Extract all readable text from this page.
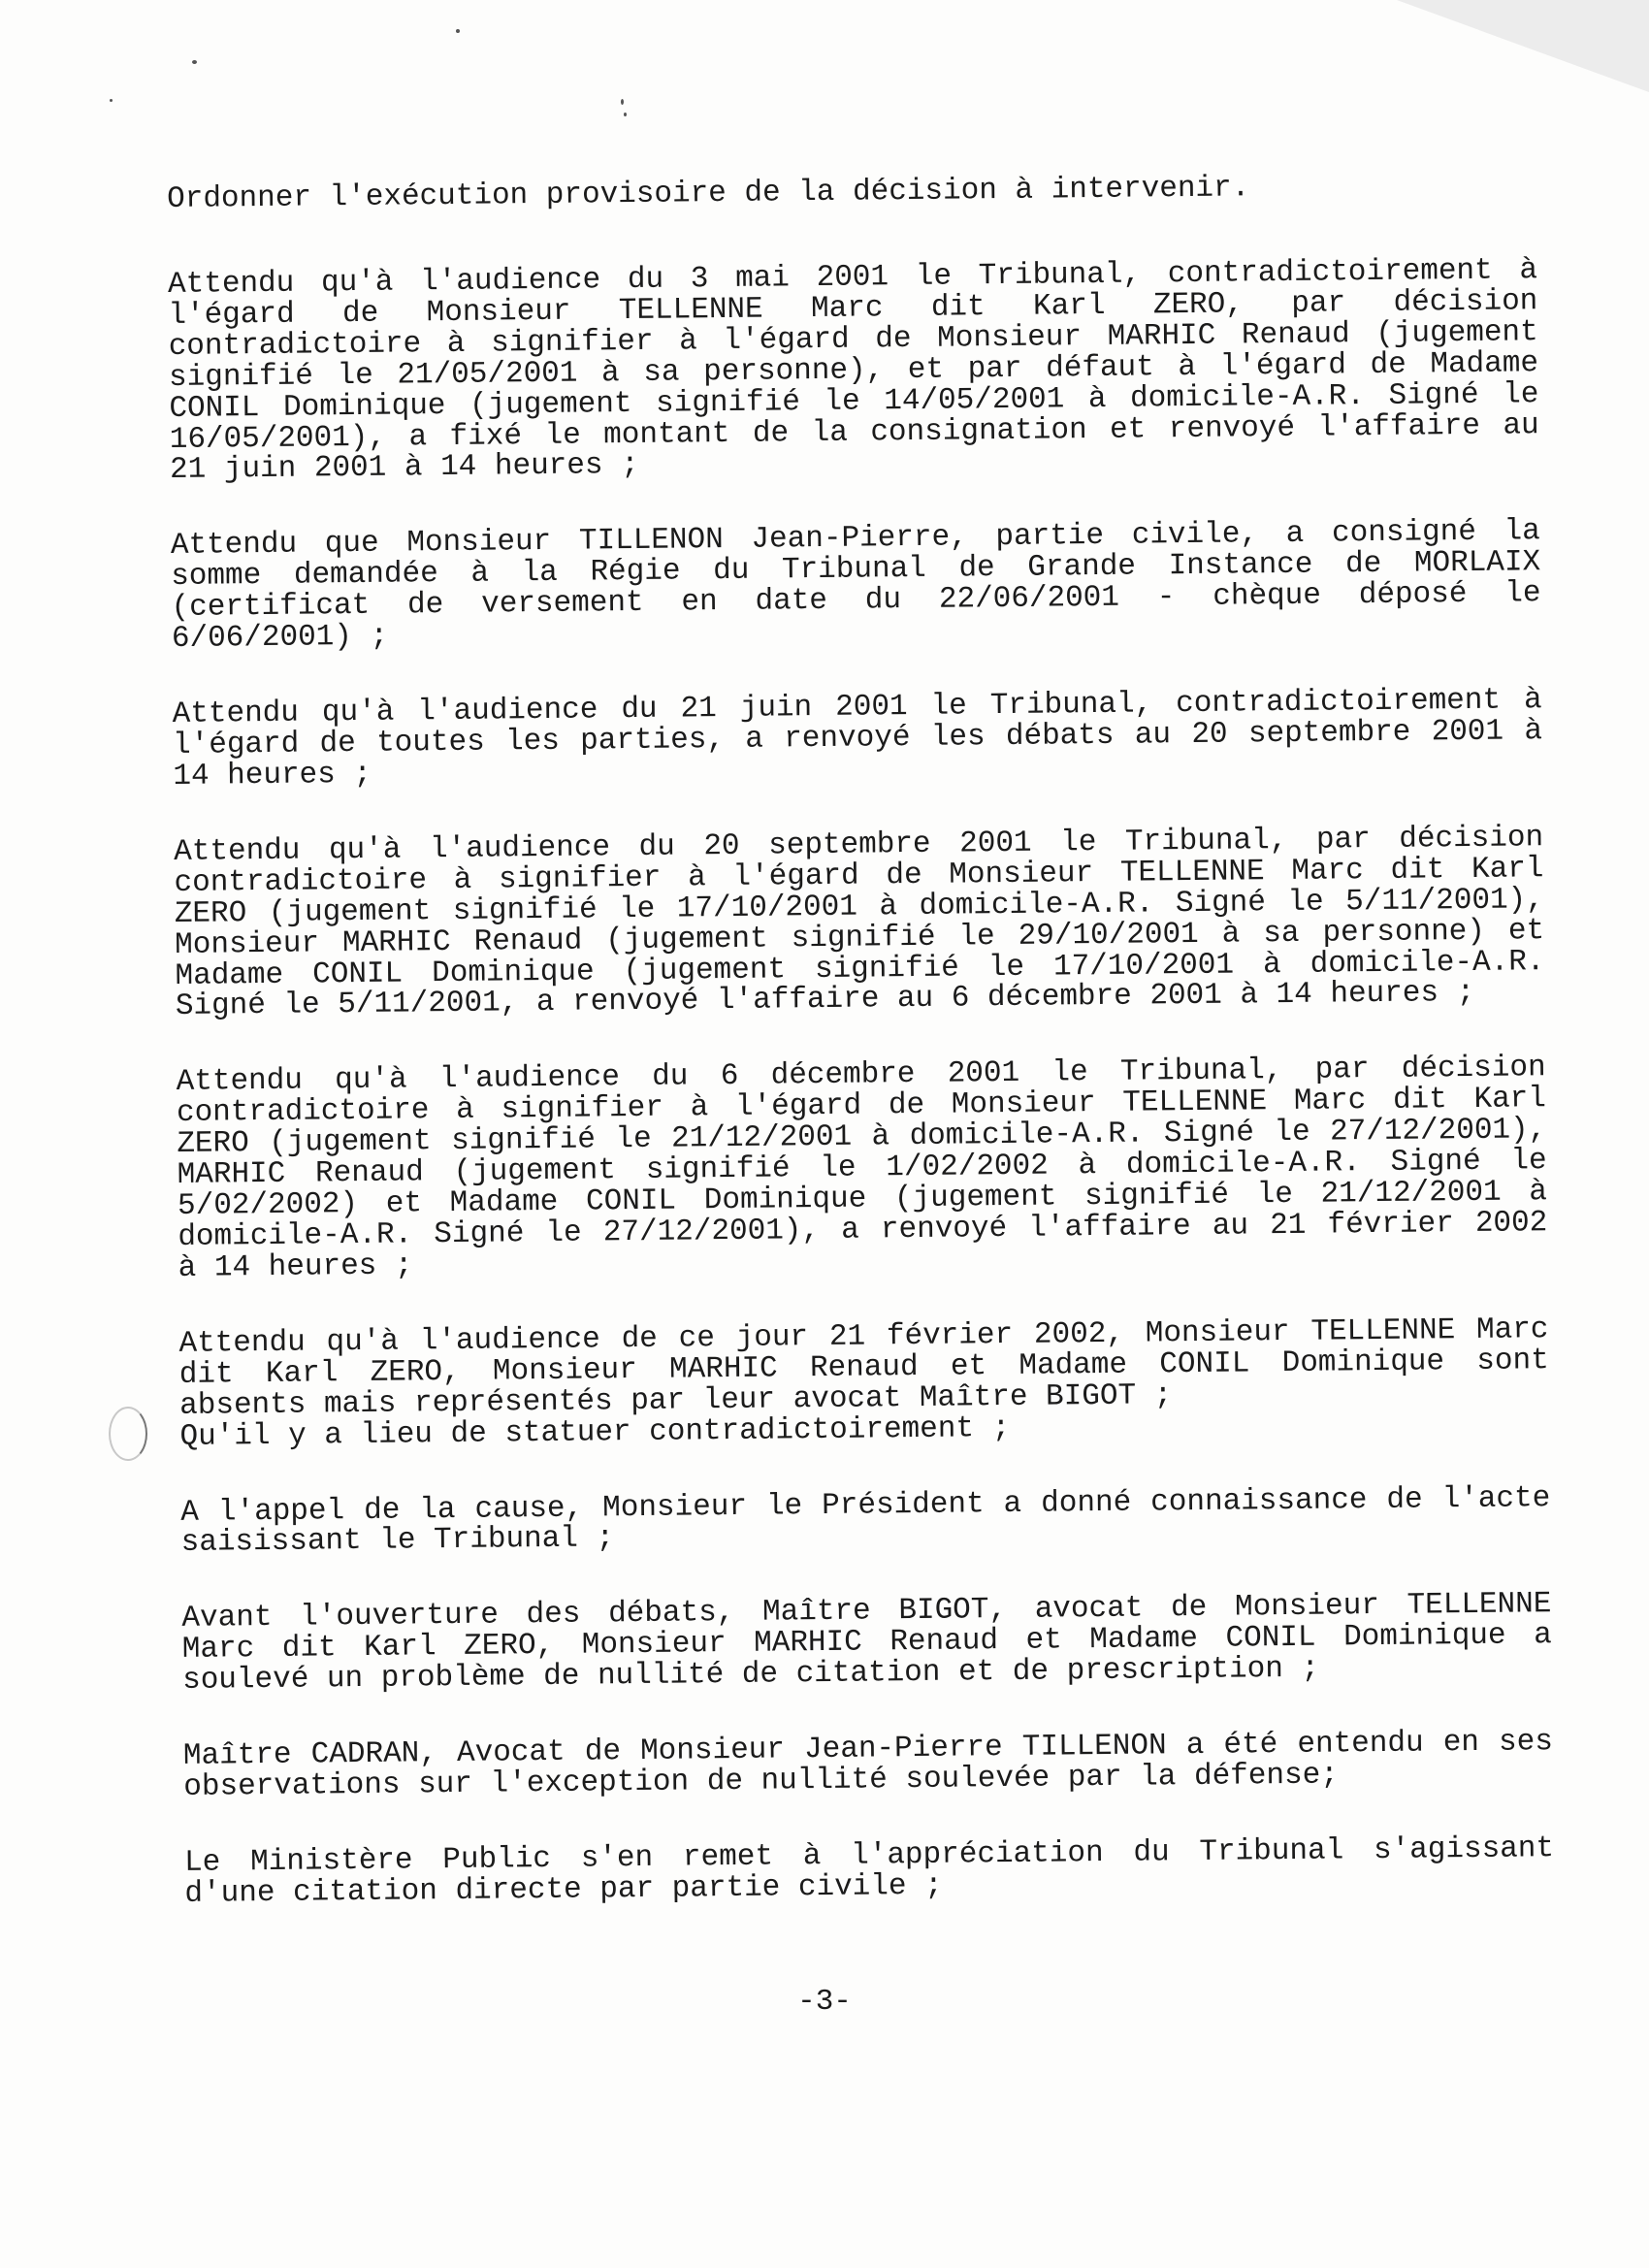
Ordonner l'exécution provisoire de la décision à intervenir.

Attendu qu'à l'audience du 3 mai 2001 le Tribunal, contradictoirement à l'égard de Monsieur TELLENNE Marc dit Karl ZERO, par décision contradictoire à signifier à l'égard de Monsieur MARHIC Renaud (jugement signifié le 21/05/2001 à sa personne), et par défaut à l'égard de Madame CONIL Dominique (jugement signifié le 14/05/2001 à domicile-A.R. Signé le 16/05/2001), a fixé le montant de la consignation et renvoyé l'affaire au 21 juin 2001 à 14 heures ;

Attendu que Monsieur TILLENON Jean-Pierre, partie civile, a consigné la somme demandée à la Régie du Tribunal de Grande Instance de MORLAIX (certificat de versement en date du 22/06/2001 - chèque déposé le 6/06/2001) ;

Attendu qu'à l'audience du 21 juin 2001 le Tribunal, contradictoirement à l'égard de toutes les parties, a renvoyé les débats au 20 septembre 2001 à 14 heures ;

Attendu qu'à l'audience du 20 septembre 2001 le Tribunal, par décision contradictoire à signifier à l'égard de Monsieur TELLENNE Marc dit Karl ZERO (jugement signifié le 17/10/2001 à domicile-A.R. Signé le 5/11/2001), Monsieur MARHIC Renaud (jugement signifié le 29/10/2001 à sa personne) et Madame CONIL Dominique (jugement signifié le 17/10/2001 à domicile-A.R. Signé le 5/11/2001, a renvoyé l'affaire au 6 décembre 2001 à 14 heures ;

Attendu qu'à l'audience du 6 décembre 2001 le Tribunal, par décision contradictoire à signifier à l'égard de Monsieur TELLENNE Marc dit Karl ZERO (jugement signifié le 21/12/2001 à domicile-A.R. Signé le 27/12/2001), MARHIC Renaud (jugement signifié le 1/02/2002 à domicile-A.R. Signé le 5/02/2002) et Madame CONIL Dominique (jugement signifié le 21/12/2001 à domicile-A.R. Signé le 27/12/2001), a renvoyé l'affaire au 21 février 2002 à 14 heures ;

Attendu qu'à l'audience de ce jour 21 février 2002, Monsieur TELLENNE Marc dit Karl ZERO, Monsieur MARHIC Renaud et Madame CONIL Dominique sont absents mais représentés par leur avocat Maître BIGOT ;

Qu'il y a lieu de statuer contradictoirement ;

A l'appel de la cause, Monsieur le Président a donné connaissance de l'acte saisissant le Tribunal ;

Avant l'ouverture des débats, Maître BIGOT, avocat de Monsieur TELLENNE Marc dit Karl ZERO, Monsieur MARHIC Renaud et Madame CONIL Dominique a soulevé un problème de nullité de citation et de prescription ;

Maître CADRAN, Avocat de Monsieur Jean-Pierre TILLENON a été entendu en ses observations sur l'exception de nullité soulevée par la défense;

Le Ministère Public s'en remet à l'appréciation du Tribunal s'agissant d'une citation directe par partie civile ;

-3-
